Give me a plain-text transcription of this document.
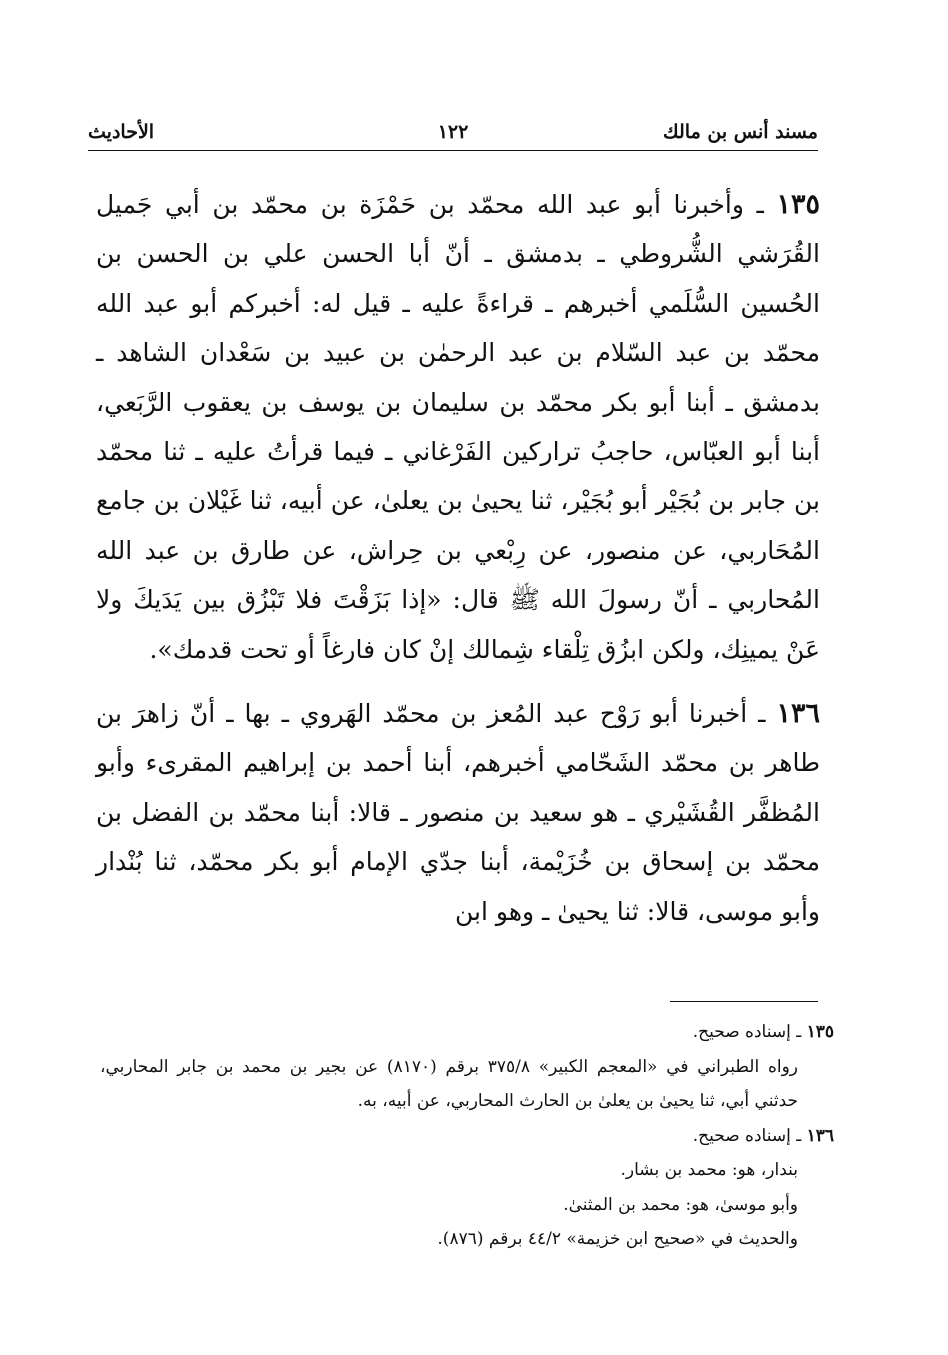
مسند أنس بن مالك
١٢٢
الأحاديث

١٣٥ ـ وأخبرنا أبو عبد الله محمّد بن حَمْزَة بن محمّد بن أبي جَميل القُرَشي الشُّروطي ـ بدمشق ـ أنّ أبا الحسن علي بن الحسن بن الحُسين السُّلَمي أخبرهم ـ قراءةً عليه ـ قيل له: أخبركم أبو عبد الله محمّد بن عبد السّلام بن عبد الرحمٰن بن عبيد بن سَعْدان الشاهد ـ بدمشق ـ أبنا أبو بكر محمّد بن سليمان بن يوسف بن يعقوب الرَّبَعي، أبنا أبو العبّاس، حاجبُ تراركين الفَرْغاني ـ فيما قرأتُ عليه ـ ثنا محمّد بن جابر بن بُجَيْر أبو بُجَيْر، ثنا يحيىٰ بن يعلىٰ، عن أبيه، ثنا غَيْلان بن جامع المُحَاربي، عن منصور، عن رِبْعي بن حِراش، عن طارق بن عبد الله المُحاربي ـ أنّ رسولَ الله ﷺ قال: «إذا بَزَقْتَ فلا تَبْزُق بين يَدَيكَ ولا عَنْ يمينِك، ولكن ابزُق تِلْقاء شِمالك إنْ كان فارغاً أو تحت قدمك».

١٣٦ ـ أخبرنا أبو رَوْح عبد المُعز بن محمّد الهَروي ـ بها ـ أنّ زاهرَ بن طاهر بن محمّد الشَحّامي أخبرهم، أبنا أحمد بن إبراهيم المقرىء وأبو المُظفَّر القُشَيْري ـ هو سعيد بن منصور ـ قالا: أبنا محمّد بن الفضل بن محمّد بن إسحاق بن خُزَيْمة، أبنا جدّي الإمام أبو بكر محمّد، ثنا بُنْدار وأبو موسى، قالا: ثنا يحيىٰ ـ وهو ابن

١٣٥ ـ إسناده صحيح.

رواه الطبراني في «المعجم الكبير» ٣٧٥/٨ برقم (٨١٧٠) عن بجير بن محمد بن جابر المحاربي، حدثني أبي، ثنا يحيىٰ بن يعلىٰ بن الحارث المحاربي، عن أبيه، به.

١٣٦ ـ إسناده صحيح.

بندار، هو: محمد بن بشار.

وأبو موسىٰ، هو: محمد بن المثنىٰ.

والحديث في «صحيح ابن خزيمة» ٤٤/٢ برقم (٨٧٦).
